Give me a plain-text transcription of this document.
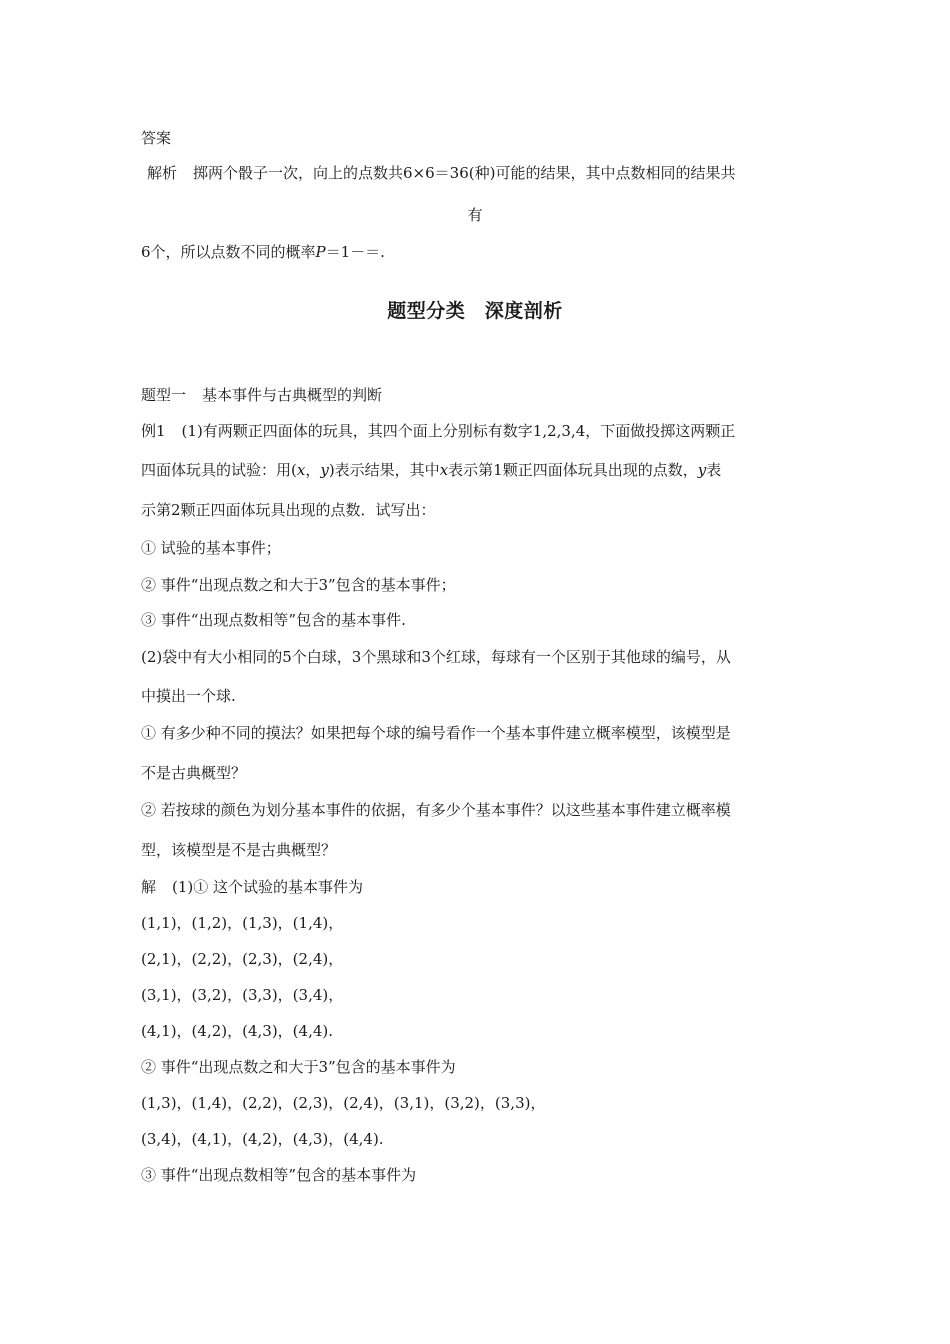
答案
解析 掷两个骰子一次，向上的点数共6×6＝36(种)可能的结果，其中点数相同的结果共
有
6个，所以点数不同的概率P＝1－＝.
题型分类　深度剖析
题型一 基本事件与古典概型的判断
例1 (1)有两颗正四面体的玩具，其四个面上分别标有数字1,2,3,4，下面做投掷这两颗正
四面体玩具的试验：用(x，y)表示结果，其中x表示第1颗正四面体玩具出现的点数，y表
示第2颗正四面体玩具出现的点数．试写出：
① 试验的基本事件；
② 事件“出现点数之和大于3”包含的基本事件；
③ 事件“出现点数相等”包含的基本事件.
(2)袋中有大小相同的5个白球，3个黑球和3个红球，每球有一个区别于其他球的编号，从
中摸出一个球.
① 有多少种不同的摸法？如果把每个球的编号看作一个基本事件建立概率模型，该模型是
不是古典概型？
② 若按球的颜色为划分基本事件的依据，有多少个基本事件？以这些基本事件建立概率模
型，该模型是不是古典概型？
解 (1)① 这个试验的基本事件为
(1,1)，(1,2)，(1,3)，(1,4)，
(2,1)，(2,2)，(2,3)，(2,4)，
(3,1)，(3,2)，(3,3)，(3,4)，
(4,1)，(4,2)，(4,3)，(4,4).
② 事件“出现点数之和大于3”包含的基本事件为
(1,3)，(1,4)，(2,2)，(2,3)，(2,4)，(3,1)，(3,2)，(3,3)，
(3,4)，(4,1)，(4,2)，(4,3)，(4,4).
③ 事件“出现点数相等”包含的基本事件为
